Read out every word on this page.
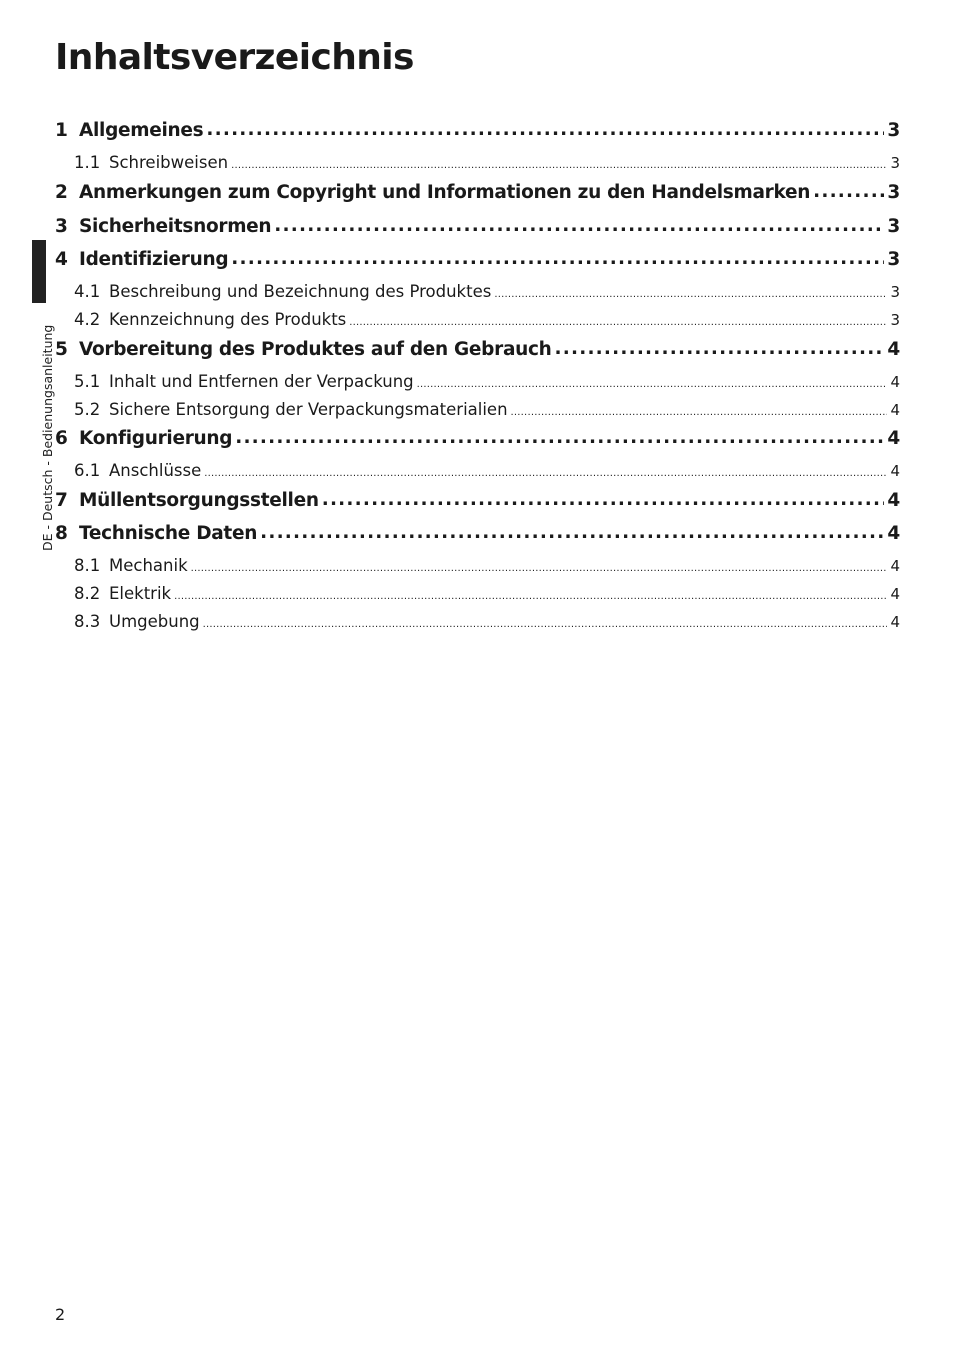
Inhaltsverzeichnis
DE - Deutsch - Bedienungsanleitung
1 Allgemeines .....	3
1.1 Schreibweisen .....	3
2 Anmerkungen zum Copyright und Informationen zu den Handelsmarken .....	3
3 Sicherheitsnormen .....	3
4 Identifizierung .....	3
4.1 Beschreibung und Bezeichnung des Produktes .....	3
4.2 Kennzeichnung des Produkts .....	3
5 Vorbereitung des Produktes auf den Gebrauch .....	4
5.1 Inhalt und Entfernen der Verpackung .....	4
5.2 Sichere Entsorgung der Verpackungsmaterialien .....	4
6 Konfigurierung .....	4
6.1 Anschlüsse .....	4
7 Müllentsorgungsstellen .....	4
8 Technische Daten .....	4
8.1 Mechanik .....	4
8.2 Elektrik .....	4
8.3 Umgebung .....	4
2
